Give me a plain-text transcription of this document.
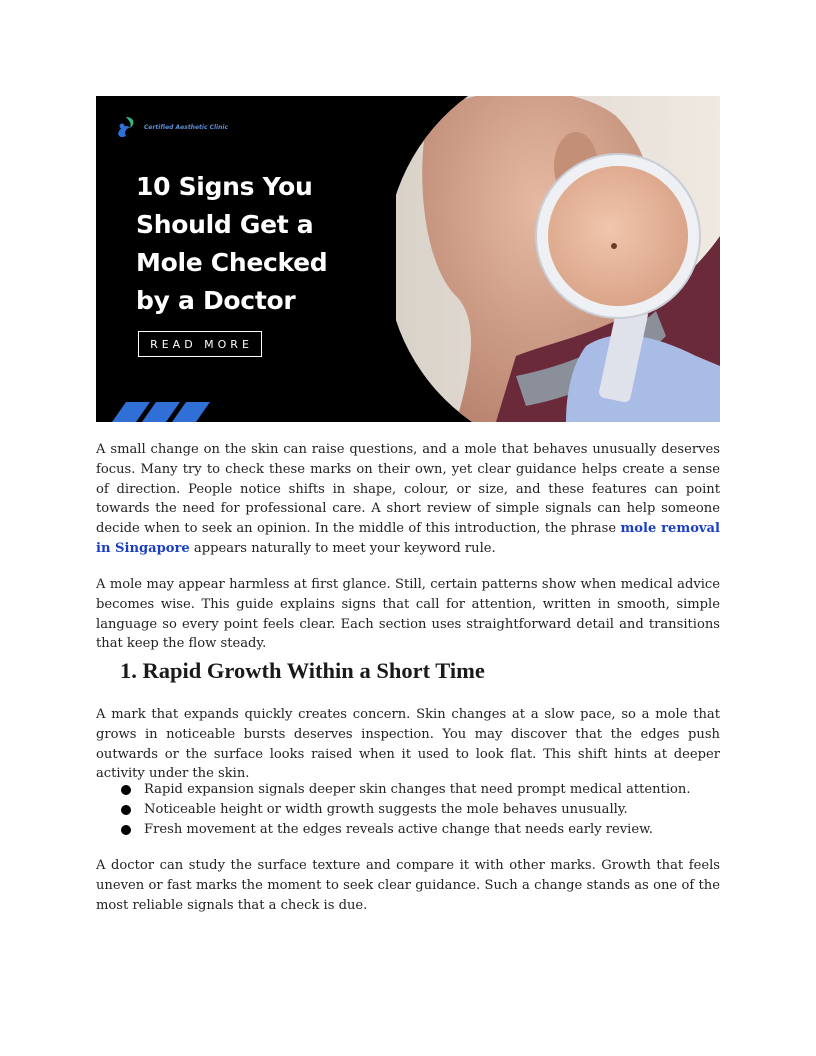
Certified Aesthetic Clinic
10 Signs You
Should Get a
Mole Checked
by a Doctor
READ MORE

A small change on the skin can raise questions, and a mole that behaves unusually deserves focus. Many try to check these marks on their own, yet clear guidance helps create a sense of direction. People notice shifts in shape, colour, or size, and these features can point towards the need for professional care. A short review of simple signals can help someone decide when to seek an opinion. In the middle of this introduction, the phrase mole removal in Singapore appears naturally to meet your keyword rule.

A mole may appear harmless at first glance. Still, certain patterns show when medical advice becomes wise. This guide explains signs that call for attention, written in smooth, simple language so every point feels clear. Each section uses straightforward detail and transitions that keep the flow steady.

1. Rapid Growth Within a Short Time

A mark that expands quickly creates concern. Skin changes at a slow pace, so a mole that grows in noticeable bursts deserves inspection. You may discover that the edges push outwards or the surface looks raised when it used to look flat. This shift hints at deeper activity under the skin.

Rapid expansion signals deeper skin changes that need prompt medical attention.
Noticeable height or width growth suggests the mole behaves unusually.
Fresh movement at the edges reveals active change that needs early review.

A doctor can study the surface texture and compare it with other marks. Growth that feels uneven or fast marks the moment to seek clear guidance. Such a change stands as one of the most reliable signals that a check is due.
